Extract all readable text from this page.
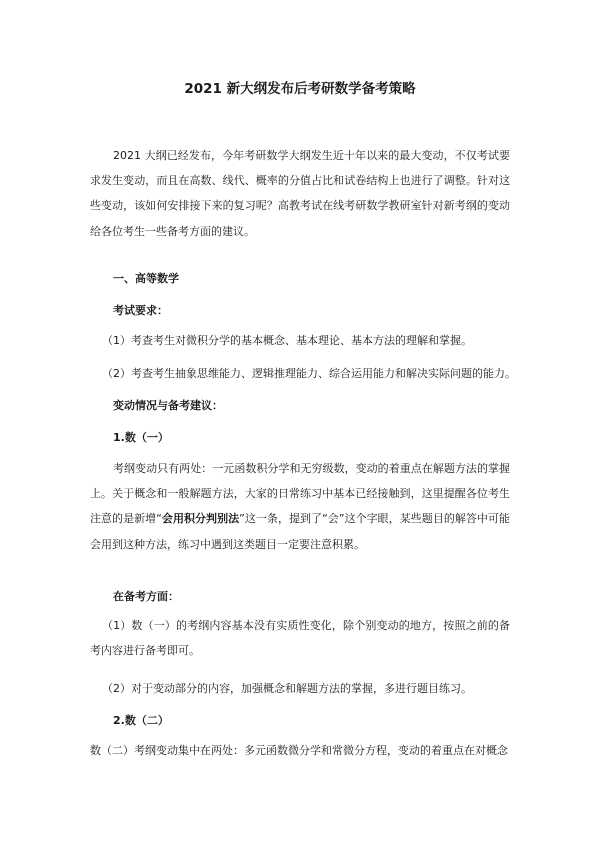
2021 新大纲发布后考研数学备考策略

2021 大纲已经发布，今年考研数学大纲发生近十年以来的最大变动，不仅考试要求发生变动，而且在高数、线代、概率的分值占比和试卷结构上也进行了调整。针对这些变动，该如何安排接下来的复习呢？高教考试在线考研数学教研室针对新考纲的变动给各位考生一些备考方面的建议。

一、高等数学
考试要求：
（1）考查考生对微积分学的基本概念、基本理论、基本方法的理解和掌握。
（2）考查考生抽象思维能力、逻辑推理能力、综合运用能力和解决实际问题的能力。
变动情况与备考建议：
1.数（一）

考纲变动只有两处：一元函数积分学和无穷级数，变动的着重点在解题方法的掌握上。关于概念和一般解题方法，大家的日常练习中基本已经接触到，这里提醒各位考生注意的是新增“会用积分判别法”这一条，提到了“会”这个字眼，某些题目的解答中可能会用到这种方法，练习中遇到这类题目一定要注意积累。

在备考方面：

（1）数（一）的考纲内容基本没有实质性变化，除个别变动的地方，按照之前的备考内容进行备考即可。

（2）对于变动部分的内容，加强概念和解题方法的掌握，多进行题目练习。
2.数（二）
数（二）考纲变动集中在两处：多元函数微分学和常微分方程，变动的着重点在对概念
